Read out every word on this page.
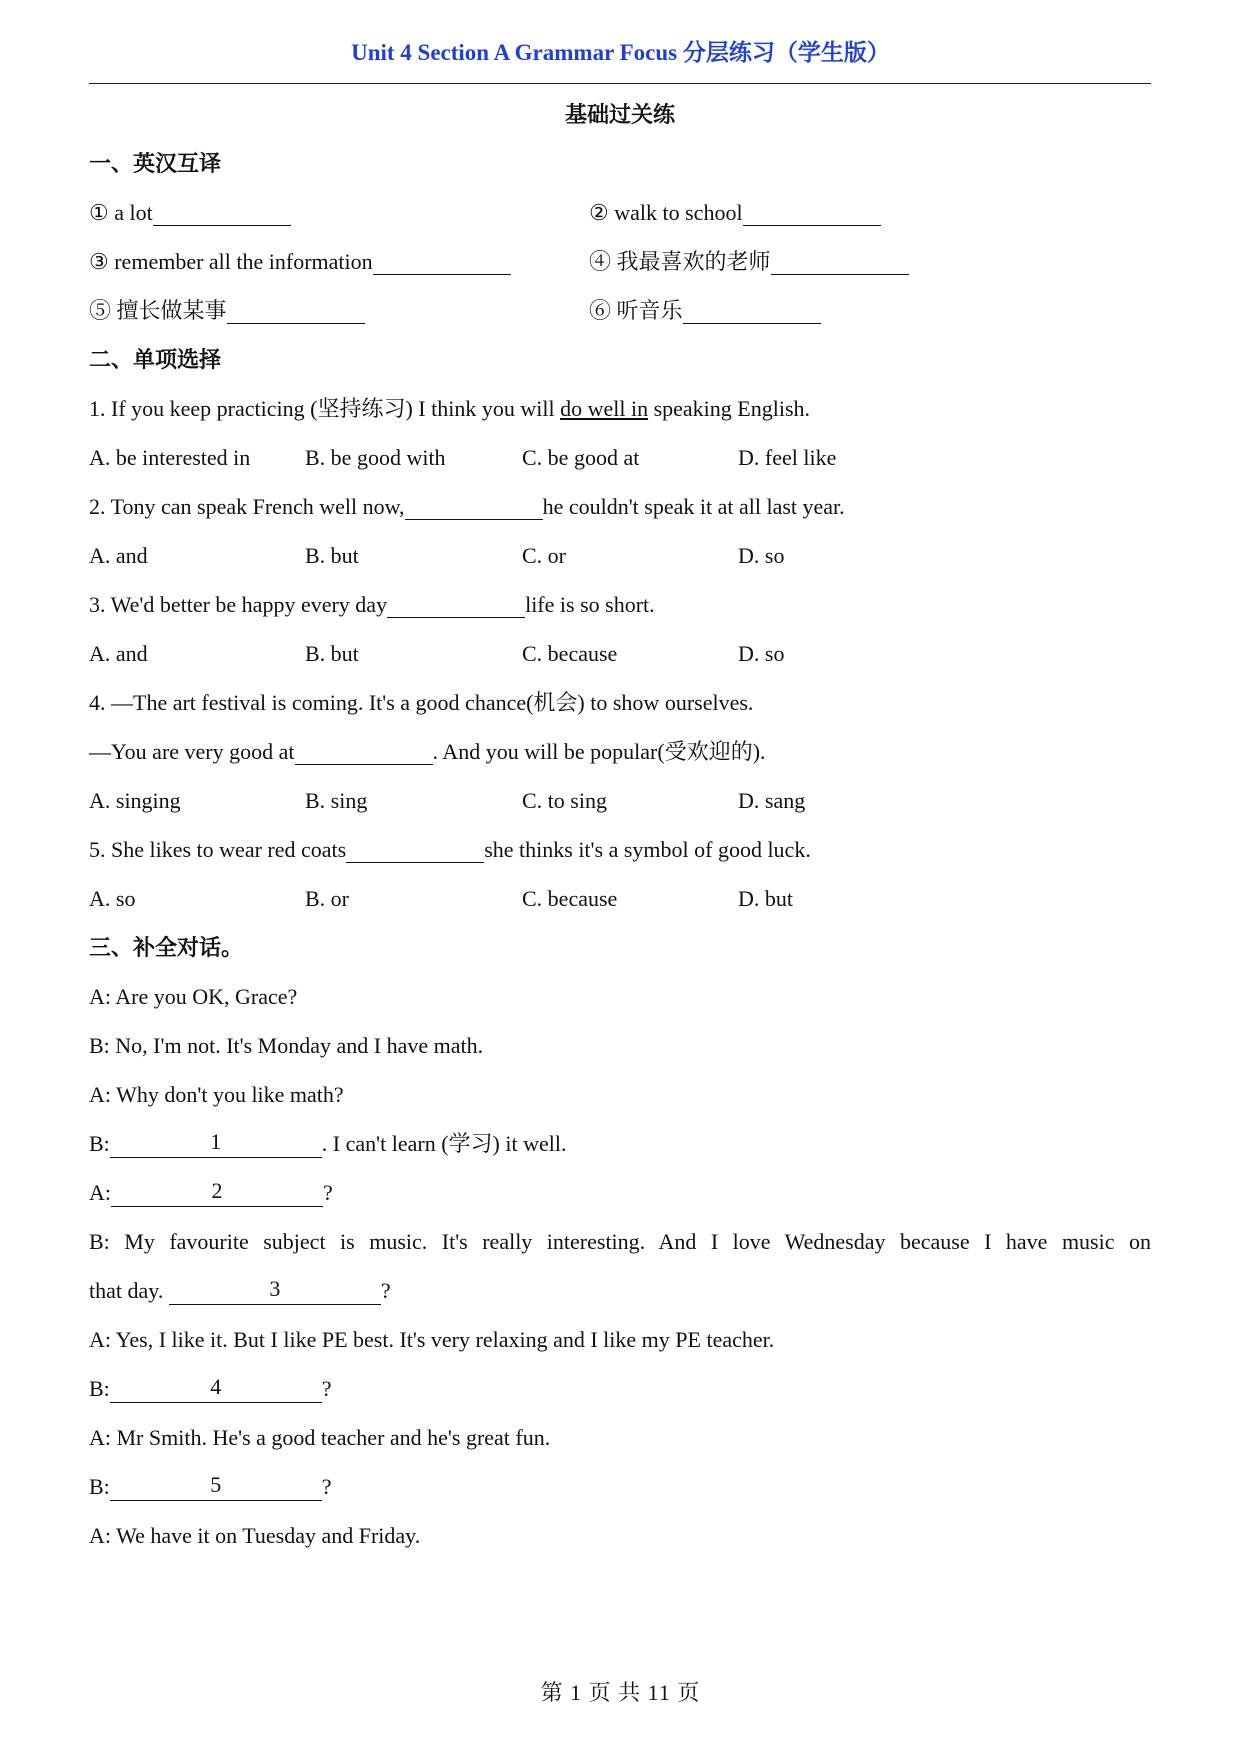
Unit 4 Section A Grammar Focus 分层练习（学生版）
基础过关练
一、英汉互译
① a lot	② walk to school
③ remember all the information	④ 我最喜欢的老师
⑤ 擅长做某事	⑥ 听音乐
二、单项选择
1. If you keep practicing (坚持练习) I think you will do well in speaking English.
A. be interested in B. be good with	C. be good at	D. feel like
2. Tony can speak French well now,	he couldn't speak it at all last year.
A. and	B. but	C. or	D. so
3. We'd better be happy every day	life is so short.
A. and	B. but	C. because	D. so
4. —The art festival is coming. It's a good chance(机会) to show ourselves.
—You are very good at	. And you will be popular(受欢迎的).
A. singing	B. sing	C. to sing	D. sang
5. She likes to wear red coats	she thinks it's a symbol of good luck.
A. so	B. or	C. because	D. but
三、补全对话。
A: Are you OK, Grace?
B: No, I'm not. It's Monday and I have math.
A: Why don't you like math?
B:	1	. I can't learn (学习) it well.
A:	2	?
B: My favourite subject is music. It's really interesting. And I love Wednesday because I have music on
that day.	3	?
A: Yes, I like it. But I like PE best. It's very relaxing and I like my PE teacher.
B:	4	?
A: Mr Smith. He's a good teacher and he's great fun.
B:	5	?
A: We have it on Tuesday and Friday.
第 1 页 共 11 页
